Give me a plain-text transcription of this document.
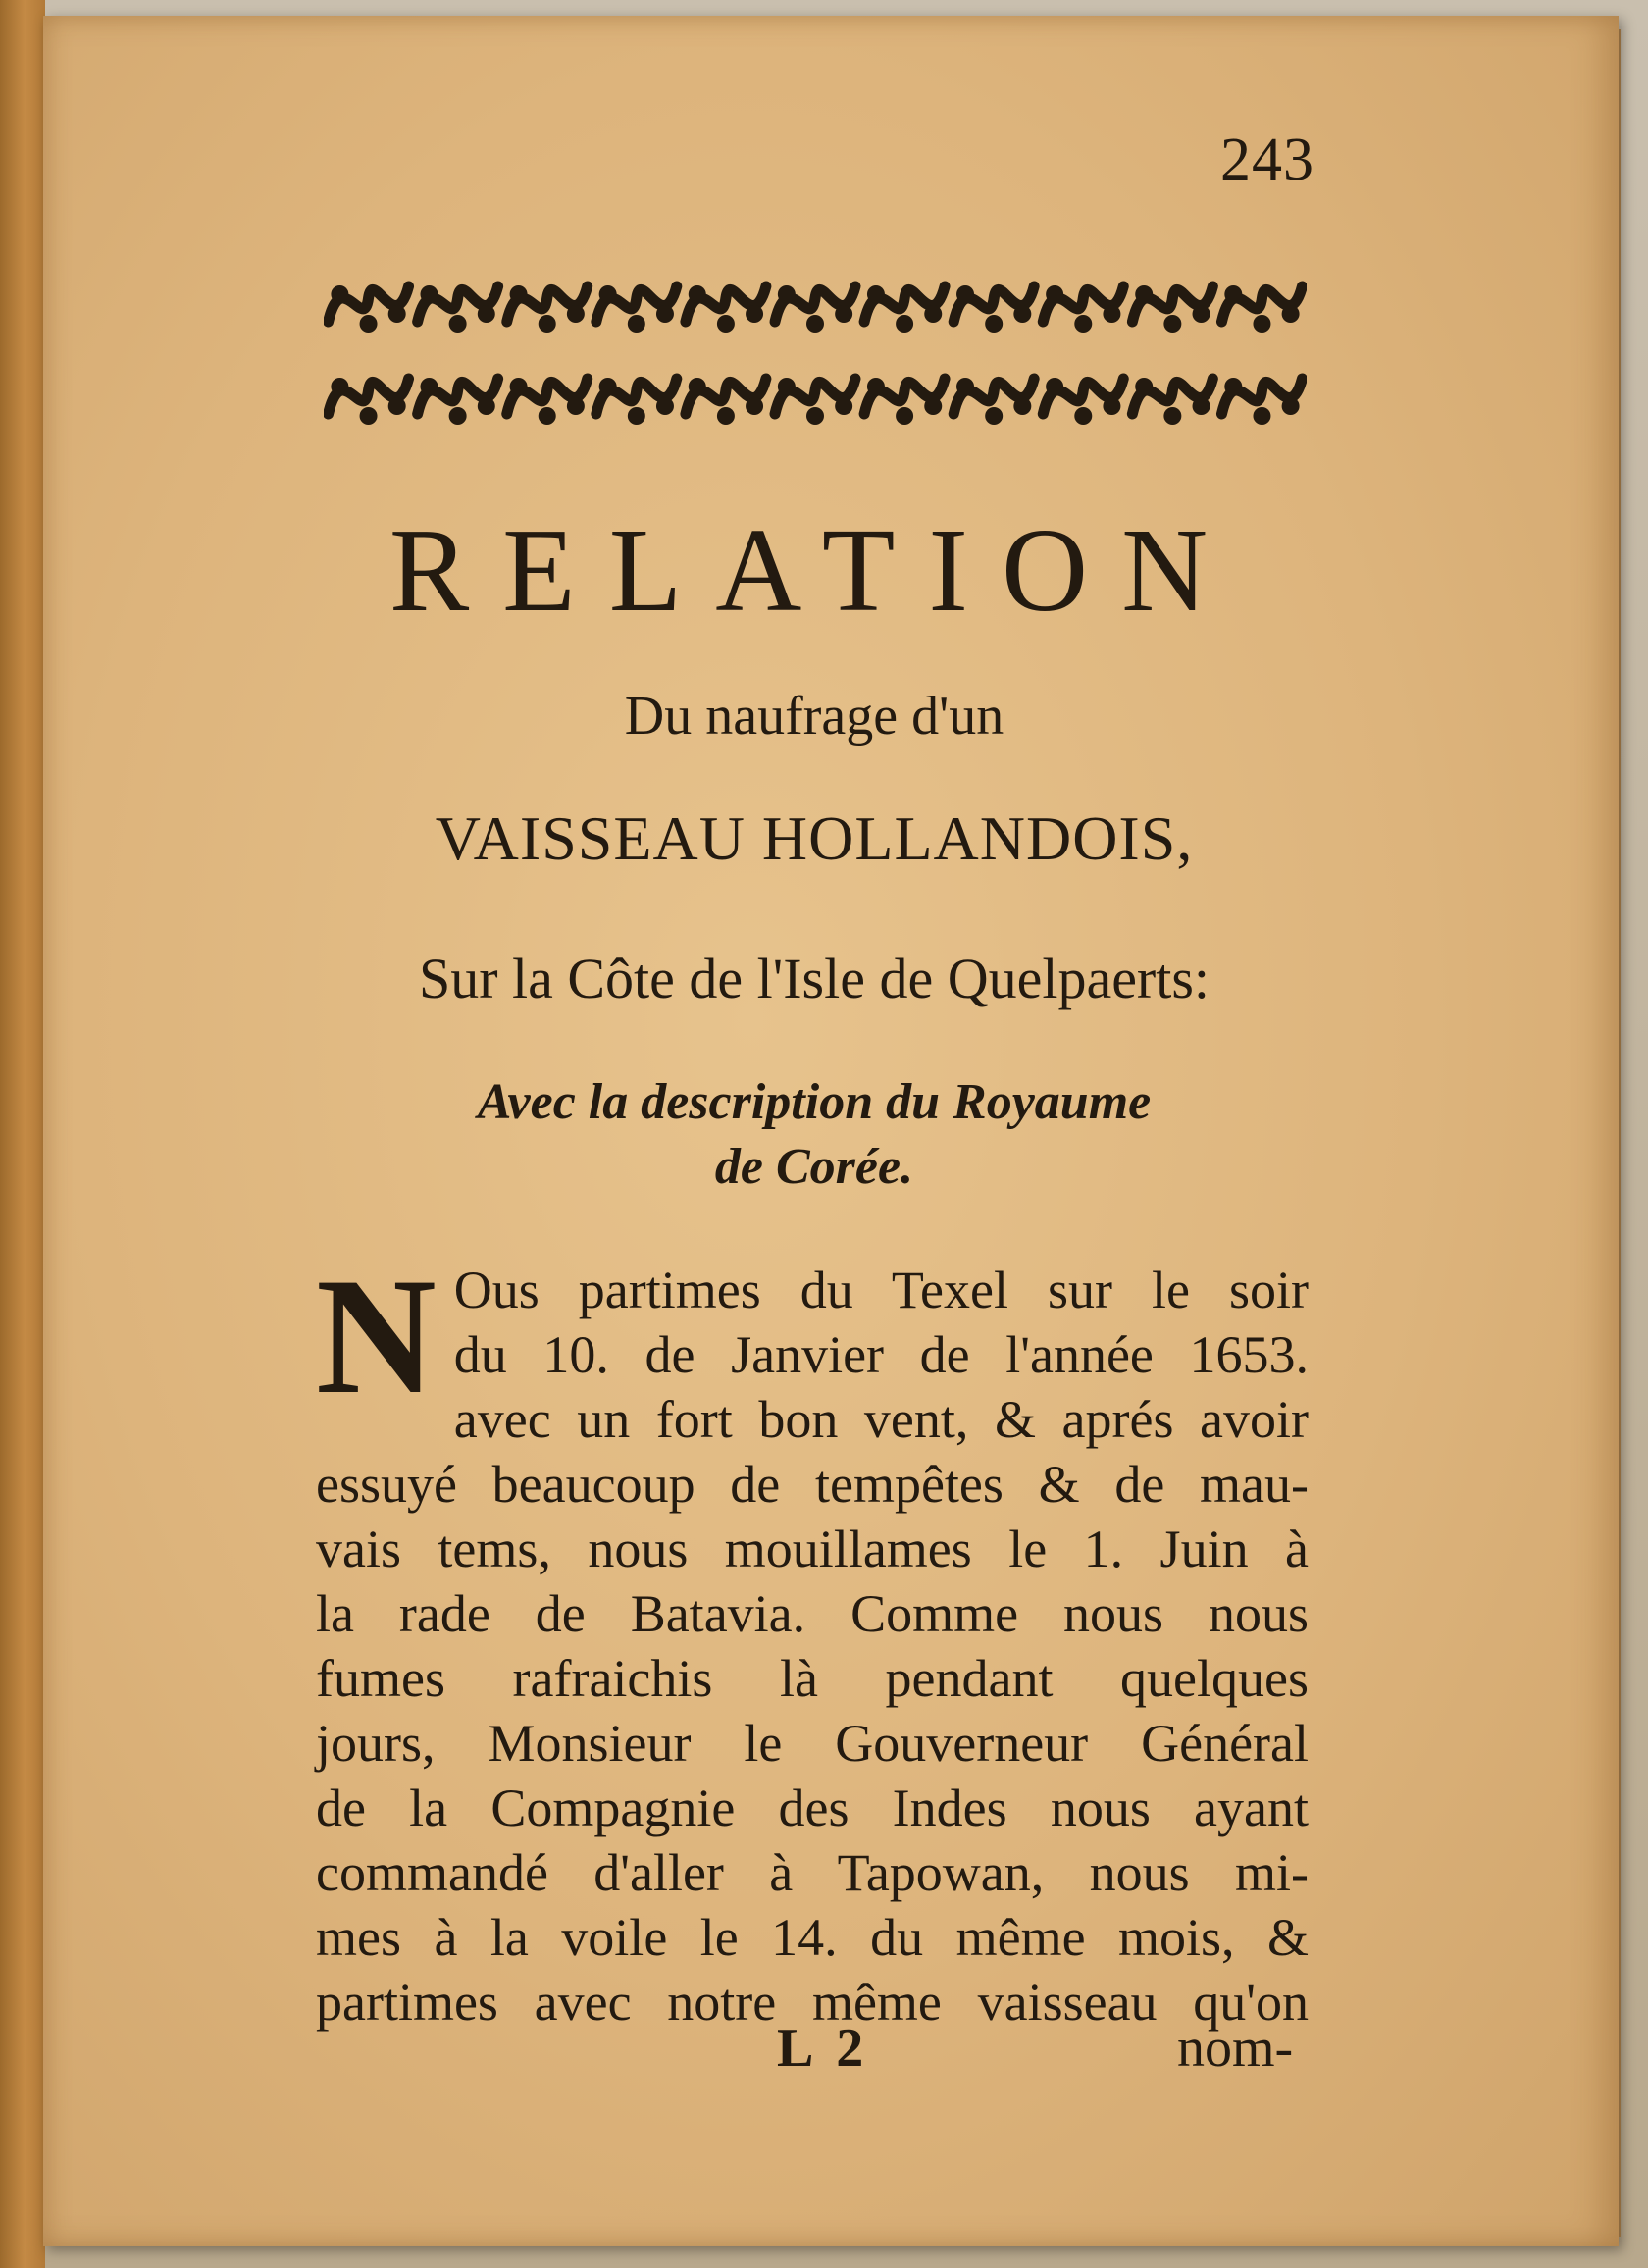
243
RELATION
Du naufrage d'un
VAISSEAU HOLLANDOIS,
Sur la Côte de l'Isle de Quelpaerts:
Avec la description du Royaume
de Corée.
N Ous partimes du Texel sur le soir
du 10. de Janvier de l'année 1653.
avec un fort bon vent, & aprés avoir
essuyé beaucoup de tempêtes & de mau-
vais tems, nous mouillames le 1. Juin à
la rade de Batavia. Comme nous nous
fumes rafraichis là pendant quelques
jours, Monsieur le Gouverneur Général
de la Compagnie des Indes nous ayant
commandé d'aller à Tapowan, nous mi-
mes à la voile le 14. du même mois, &
partimes avec notre même vaisseau qu'on
L 2	nom-
